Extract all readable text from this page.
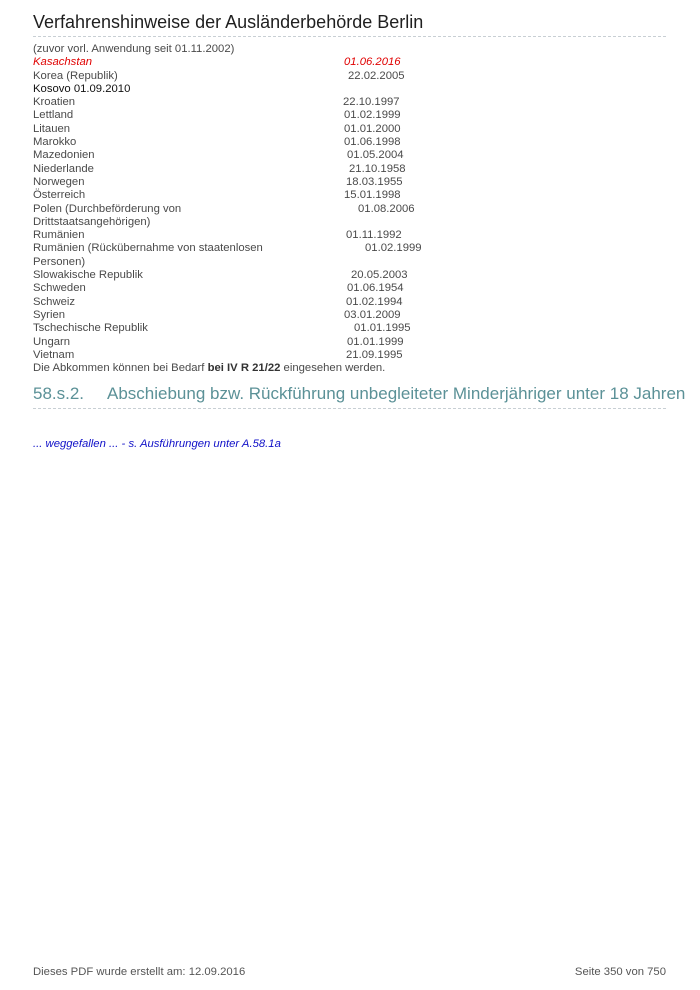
Verfahrenshinweise der Ausländerbehörde Berlin
(zuvor vorl. Anwendung seit 01.11.2002)
Kasachstan	01.06.2016
Korea (Republik)	22.02.2005
Kosovo 01.09.2010
Kroatien	22.10.1997
Lettland	01.02.1999
Litauen	01.01.2000
Marokko	01.06.1998
Mazedonien	01.05.2004
Niederlande	21.10.1958
Norwegen	18.03.1955
Österreich	15.01.1998
Polen (Durchbeförderung von	01.08.2006
Drittstaatsangehörigen)
Rumänien	01.11.1992
Rumänien (Rückübernahme von staatenlosen	01.02.1999
Personen)
Slowakische Republik	20.05.2003
Schweden	01.06.1954
Schweiz	01.02.1994
Syrien	03.01.2009
Tschechische Republik	01.01.1995
Ungarn	01.01.1999
Vietnam	21.09.1995
Die Abkommen können bei Bedarf bei IV R 21/22 eingesehen werden.
58.s.2. Abschiebung bzw. Rückführung unbegleiteter Minderjähriger unter 18 Jahren
... weggefallen ... - s. Ausführungen unter A.58.1a
Dieses PDF wurde erstellt am: 12.09.2016	Seite 350 von 750
